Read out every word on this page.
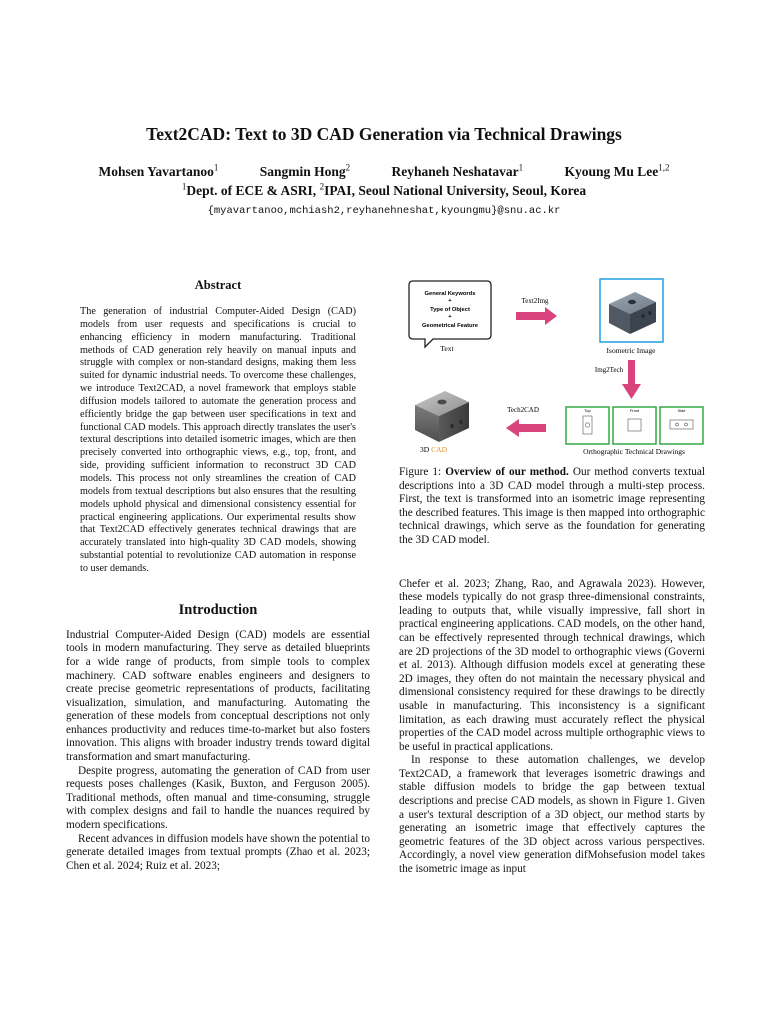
Text2CAD: Text to 3D CAD Generation via Technical Drawings
Mohsen Yavartanoo$^1$	Sangmin Hong$^2$	Reyhaneh Neshatavar$^1$	Kyoung Mu Lee$^{1,2}$
$^1$Dept. of ECE & ASRI, $^2$IPAI, Seoul National University, Seoul, Korea
{myavartanoo,mchiash2,reyhanehneshat,kyoungmu}@snu.ac.kr
Abstract

The generation of industrial Computer-Aided Design (CAD) models from user requests and specifications is crucial to enhancing efficiency in modern manufacturing. Traditional methods of CAD generation rely heavily on manual inputs and struggle with complex or non-standard designs, making them less suited for dynamic industrial needs. To overcome these challenges, we introduce Text2CAD, a novel framework that employs stable diffusion models tailored to automate the generation process and efficiently bridge the gap between user specifications in text and functional CAD models. This approach directly translates the user's textural descriptions into detailed isometric images, which are then precisely converted into orthographic views, e.g., top, front, and side, providing sufficient information to reconstruct 3D CAD models. This process not only streamlines the creation of CAD models from textual descriptions but also ensures that the resulting models uphold physical and dimensional consistency essential for practical engineering applications. Our experimental results show that Text2CAD effectively generates technical drawings that are accurately translated into high-quality 3D CAD models, showing substantial potential to revolutionize CAD automation in response to user demands.

Introduction

Industrial Computer-Aided Design (CAD) models are essential tools in modern manufacturing. They serve as detailed blueprints for a wide range of products, from simple tools to complex machinery. CAD software enables engineers and designers to create precise geometric representations of products, facilitating visualization, simulation, and manufacturing. Automating the generation of these models from conceptual descriptions not only enhances productivity and reduces time-to-market but also fosters innovation. This aligns with broader industry trends toward digital transformation and smart manufacturing.

Despite progress, automating the generation of CAD from user requests poses challenges (Kasik, Buxton, and Ferguson 2005). Traditional methods, often manual and time-consuming, struggle with complex designs and fail to handle the nuances required by modern specifications.

Recent advances in diffusion models have shown the potential to generate detailed images from textual prompts (Zhao et al. 2023; Chen et al. 2024; Ruiz et al. 2023;

General Keywords
+
Type of Object
+
Geometrical Feature
Text
Text2Img
Isometric Image
Img2Tech
Top	Front	Side
Orthographic Technical Drawings
Tech2CAD
3D CAD

Figure 1: Overview of our method. Our method converts textual descriptions into a 3D CAD model through a multi-step process. First, the text is transformed into an isometric image representing the described features. This image is then mapped into orthographic technical drawings, which serve as the foundation for generating the 3D CAD model.

Chefer et al. 2023; Zhang, Rao, and Agrawala 2023). However, these models typically do not grasp three-dimensional constraints, leading to outputs that, while visually impressive, fall short in practical engineering applications. CAD models, on the other hand, can be effectively represented through technical drawings, which are 2D projections of the 3D model to orthographic views (Governi et al. 2013). Although diffusion models excel at generating these 2D images, they often do not maintain the necessary physical and dimensional consistency required for these drawings to be directly usable in manufacturing. This inconsistency is a significant limitation, as each drawing must accurately reflect the physical properties of the CAD model across multiple orthographic views to be useful in practical applications.

In response to these automation challenges, we develop Text2CAD, a framework that leverages isometric drawings and stable diffusion models to bridge the gap between textual descriptions and precise CAD models, as shown in Figure 1. Given a user's textural description of a 3D object, our method starts by generating an isometric image that effectively captures the geometric features of the 3D object across various perspectives. Accordingly, a novel view generation difMohsefusion model takes the isometric image as input
